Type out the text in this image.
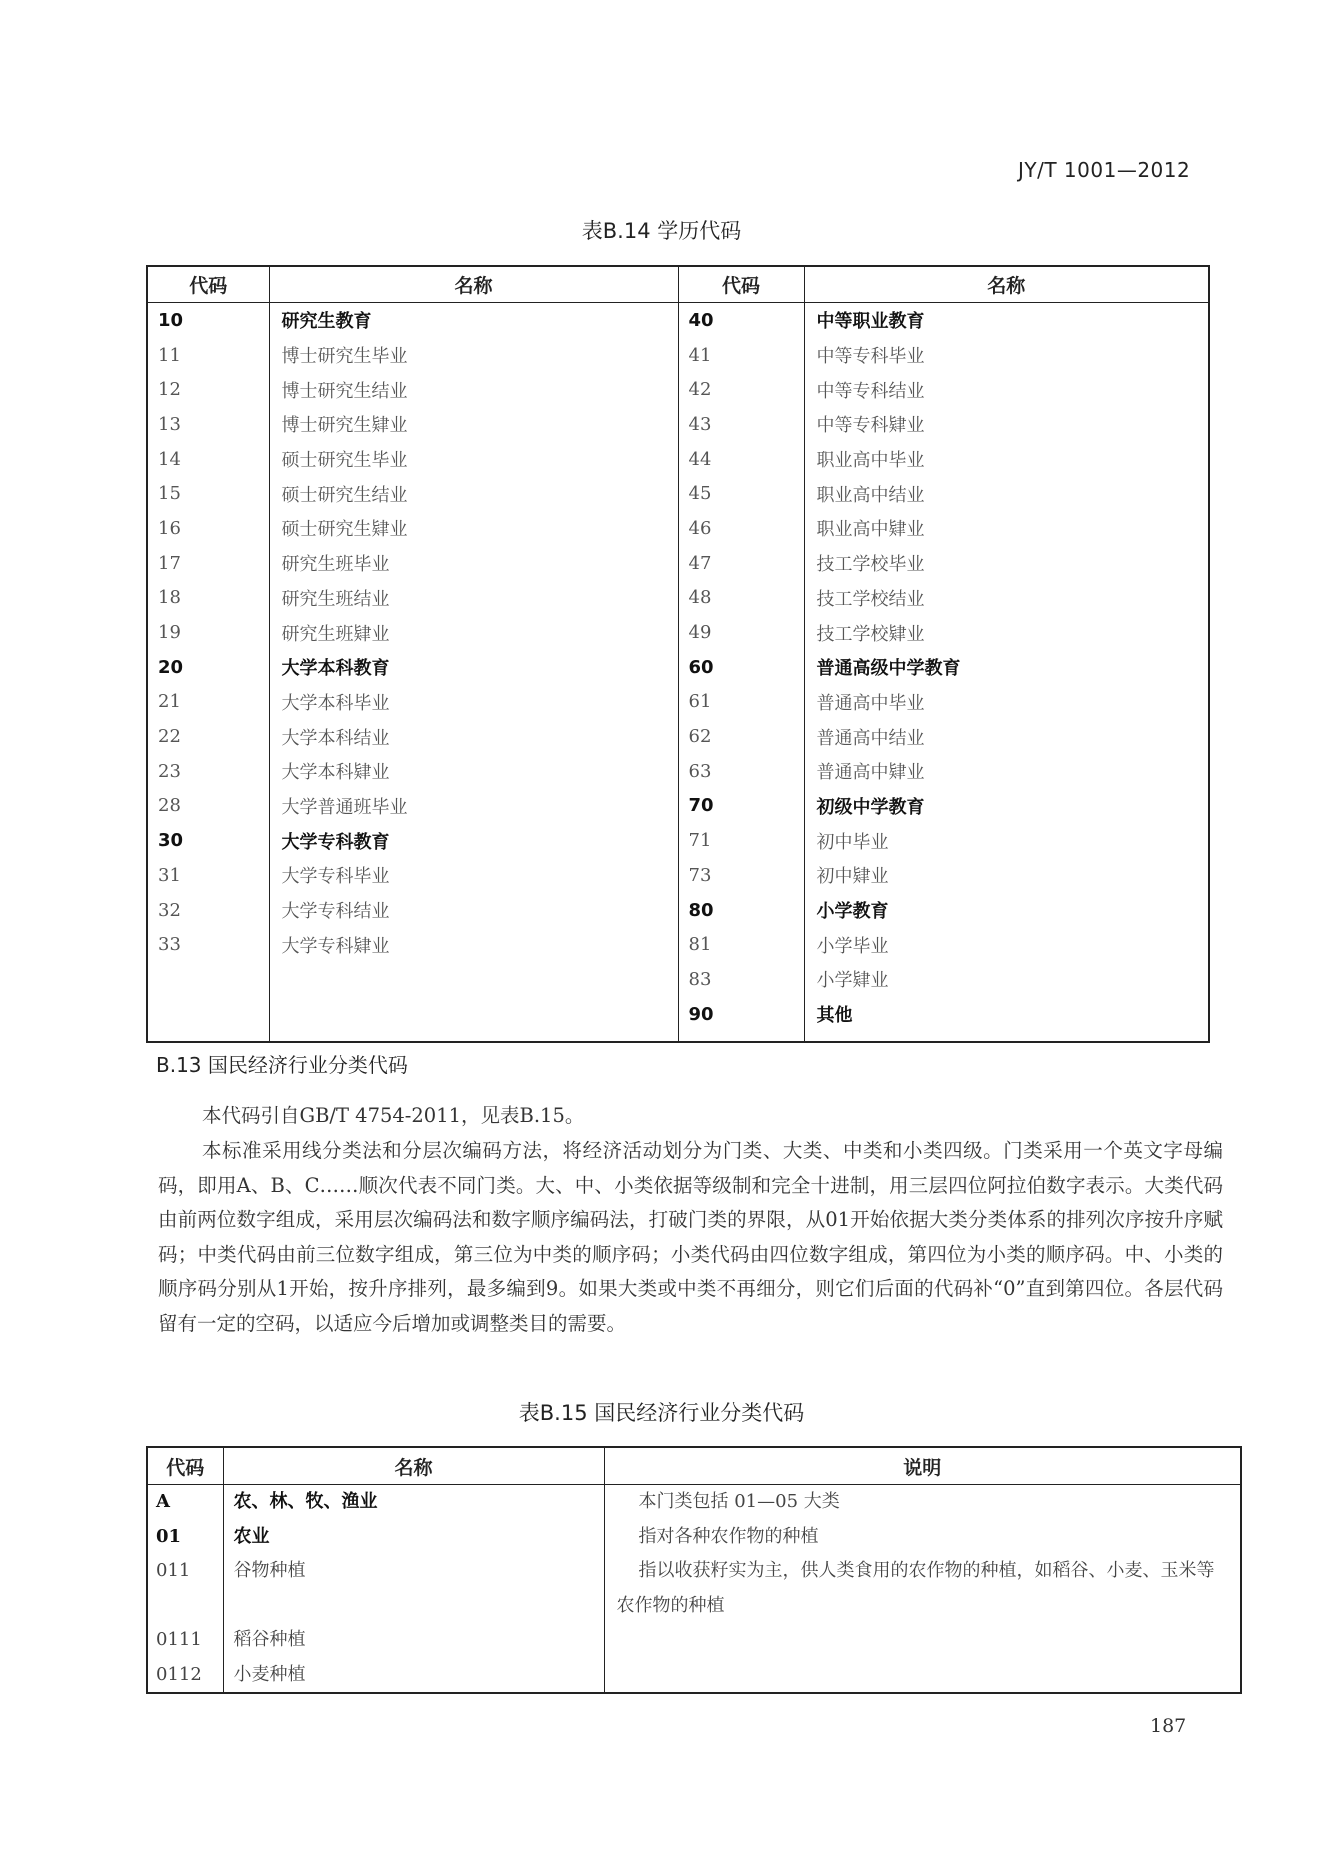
JY/T 1001—2012
表B.14 学历代码
代码	名称	代码	名称
10	研究生教育	40	中等职业教育
11	博士研究生毕业	41	中等专科毕业
12	博士研究生结业	42	中等专科结业
13	博士研究生肄业	43	中等专科肄业
14	硕士研究生毕业	44	职业高中毕业
15	硕士研究生结业	45	职业高中结业
16	硕士研究生肄业	46	职业高中肄业
17	研究生班毕业	47	技工学校毕业
18	研究生班结业	48	技工学校结业
19	研究生班肄业	49	技工学校肄业
20	大学本科教育	60	普通高级中学教育
21	大学本科毕业	61	普通高中毕业
22	大学本科结业	62	普通高中结业
23	大学本科肄业	63	普通高中肄业
28	大学普通班毕业	70	初级中学教育
30	大学专科教育	71	初中毕业
31	大学专科毕业	73	初中肄业
32	大学专科结业	80	小学教育
33	大学专科肄业	81	小学毕业
		83	小学肄业
		90	其他

B.13 国民经济行业分类代码
本代码引自GB/T 4754-2011，见表B.15。
本标准采用线分类法和分层次编码方法，将经济活动划分为门类、大类、中类和小类四级。门类采用一个英文字母编码，即用A、B、C……顺次代表不同门类。大、中、小类依据等级制和完全十进制，用三层四位阿拉伯数字表示。大类代码由前两位数字组成，采用层次编码法和数字顺序编码法，打破门类的界限，从01开始依据大类分类体系的排列次序按升序赋码；中类代码由前三位数字组成，第三位为中类的顺序码；小类代码由四位数字组成，第四位为小类的顺序码。中、小类的顺序码分别从1开始，按升序排列，最多编到9。如果大类或中类不再细分，则它们后面的代码补“0”直到第四位。各层代码留有一定的空码，以适应今后增加或调整类目的需要。
表B.15 国民经济行业分类代码
代码	名称	说明
A	农、林、牧、渔业	本门类包括 01—05 大类
01	农业	指对各种农作物的种植
011	谷物种植	指以收获籽实为主，供人类食用的农作物的种植，如稻谷、小麦、玉米等农作物的种植
0111	稻谷种植	
0112	小麦种植	
187
